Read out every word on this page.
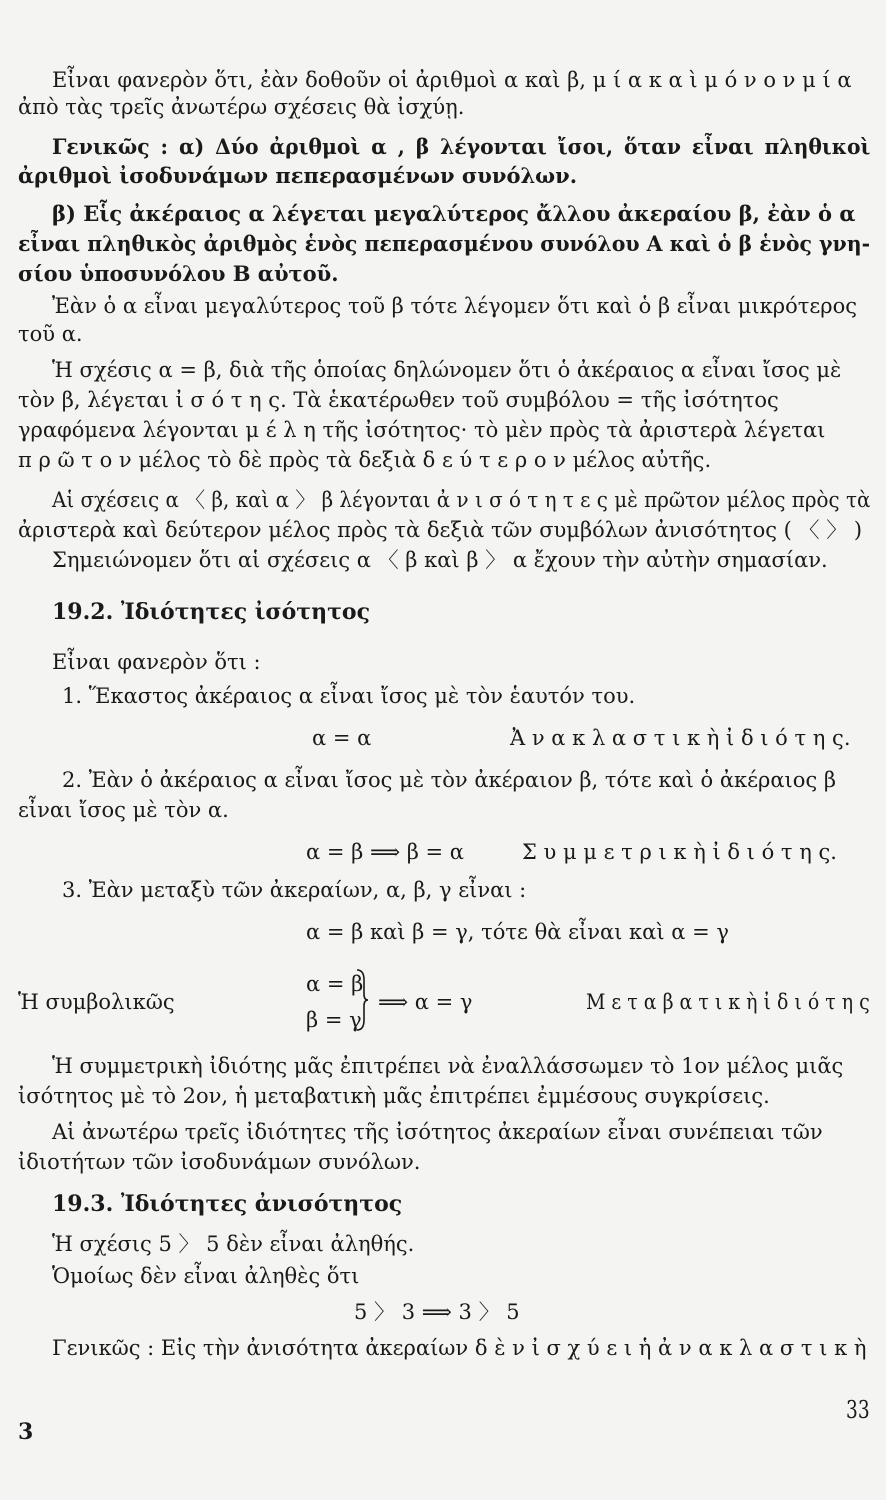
Εἶναι φανερὸν ὅτι, ἐὰν δοθοῦν οἱ ἀριθμοὶ α καὶ β, μ ί α κ α ὶ μ ό ν ο ν μ ί α
ἀπὸ τὰς τρεῖς ἀνωτέρω σχέσεις θὰ ἰσχύῃ.
Γενικῶς : α) Δύο ἀριθμοὶ α , β λέγονται ἴσοι, ὅταν εἶναι πληθικοὶ
ἀριθμοὶ ἰσοδυνάμων πεπερασμένων συνόλων.
β) Εἷς ἀκέραιος α λέγεται μεγαλύτερος ἄλλου ἀκεραίου β, ἐὰν ὁ α
εἶναι πληθικὸς ἀριθμὸς ἑνὸς πεπερασμένου συνόλου Α καὶ ὁ β ἑνὸς γνη-
σίου ὑποσυνόλου Β αὐτοῦ.
Ἐὰν ὁ α εἶναι μεγαλύτερος τοῦ β τότε λέγομεν ὅτι καὶ ὁ β εἶναι μικρότερος
τοῦ α.
Ἡ σχέσις α = β, διὰ τῆς ὁποίας δηλώνομεν ὅτι ὁ ἀκέραιος α εἶναι ἴσος μὲ
τὸν β, λέγεται ἰ σ ό τ η ς. Τὰ ἑκατέρωθεν τοῦ συμβόλου = τῆς ἰσότητος
γραφόμενα λέγονται μ έ λ η τῆς ἰσότητος· τὸ μὲν πρὸς τὰ ἀριστερὰ λέγεται
π ρ ῶ τ ο ν μέλος τὸ δὲ πρὸς τὰ δεξιὰ δ ε ύ τ ε ρ ο ν μέλος αὐτῆς.
Αἱ σχέσεις α 〈 β, καὶ α 〉 β λέγονται ἀ ν ι σ ό τ η τ ε ς μὲ πρῶτον μέλος πρὸς τὰ
ἀριστερὰ καὶ δεύτερον μέλος πρὸς τὰ δεξιὰ τῶν συμβόλων ἀνισότητος ( 〈 〉 )
Σημειώνομεν ὅτι αἱ σχέσεις α 〈 β καὶ β 〉 α ἔχουν τὴν αὐτὴν σημασίαν.
19.2. Ἰδιότητες ἰσότητος
Εἶναι φανερὸν ὅτι :
1. Ἕκαστος ἀκέραιος α εἶναι ἴσος μὲ τὸν ἑαυτόν του.
α = α	Ἀ ν α κ λ α σ τ ι κ ὴ ἰ δ ι ό τ η ς.
2. Ἐὰν ὁ ἀκέραιος α εἶναι ἴσος μὲ τὸν ἀκέραιον β, τότε καὶ ὁ ἀκέραιος β
εἶναι ἴσος μὲ τὸν α.
α = β ⟹ β = α	Σ υ μ μ ε τ ρ ι κ ὴ ἰ δ ι ό τ η ς.
3. Ἐὰν μεταξὺ τῶν ἀκεραίων, α, β, γ εἶναι :
α = β καὶ β = γ, τότε θὰ εἶναι καὶ α = γ
Ἡ συμβολικῶς
α = β
β = γ
⟹ α = γ	Μ ε τ α β α τ ι κ ὴ ἰ δ ι ό τ η ς
Ἡ συμμετρικὴ ἰδιότης μᾶς ἐπιτρέπει νὰ ἐναλλάσσωμεν τὸ 1ον μέλος μιᾶς
ἰσότητος μὲ τὸ 2ον, ἡ μεταβατικὴ μᾶς ἐπιτρέπει ἐμμέσους συγκρίσεις.
Αἱ ἀνωτέρω τρεῖς ἰδιότητες τῆς ἰσότητος ἀκεραίων εἶναι συνέπειαι τῶν
ἰδιοτήτων τῶν ἰσοδυνάμων συνόλων.
19.3. Ἰδιότητες ἀνισότητος
Ἡ σχέσις 5 〉 5 δὲν εἶναι ἀληθής.
Ὁμοίως δὲν εἶναι ἀληθὲς ὅτι
5 〉 3 ⟹ 3 〉 5
Γενικῶς : Εἰς τὴν ἀνισότητα ἀκεραίων δ ὲ ν ἰ σ χ ύ ε ι ἡ ἀ ν α κ λ α σ τ ι κ ὴ
3
33
